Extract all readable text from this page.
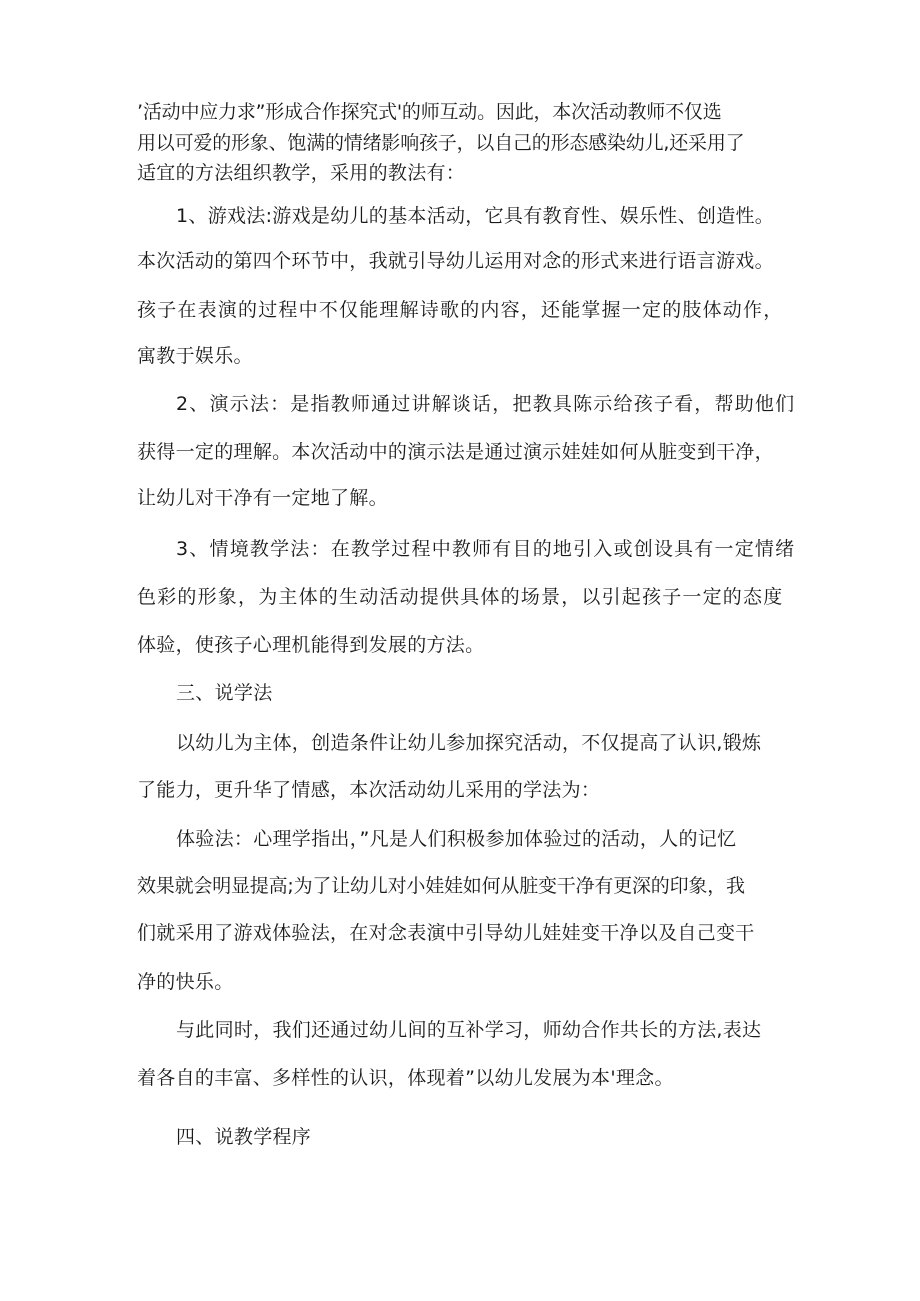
’活动中应力求”形成合作探究式'的师互动。因此，本次活动教师不仅选
用以可爱的形象、饱满的情绪影响孩子，以自己的形态感染幼儿,还采用了
适宜的方法组织教学，采用的教法有：
1、游戏法:游戏是幼儿的基本活动，它具有教育性、娱乐性、创造性。
本次活动的第四个环节中，我就引导幼儿运用对念的形式来进行语言游戏。
孩子在表演的过程中不仅能理解诗歌的内容，还能掌握一定的肢体动作，
寓教于娱乐。
2、演示法：是指教师通过讲解谈话，把教具陈示给孩子看，帮助他们
获得一定的理解。本次活动中的演示法是通过演示娃娃如何从脏变到干净，
让幼儿对干净有一定地了解。
3、情境教学法：在教学过程中教师有目的地引入或创设具有一定情绪
色彩的形象，为主体的生动活动提供具体的场景，以引起孩子一定的态度
体验，使孩子心理机能得到发展的方法。
三、说学法
以幼儿为主体，创造条件让幼儿参加探究活动，不仅提高了认识,锻炼
了能力，更升华了情感，本次活动幼儿采用的学法为：
体验法：心理学指出，”凡是人们积极参加体验过的活动，人的记忆
效果就会明显提高;为了让幼儿对小娃娃如何从脏变干净有更深的印象，我
们就采用了游戏体验法，在对念表演中引导幼儿娃娃变干净以及自己变干
净的快乐。
与此同时，我们还通过幼儿间的互补学习，师幼合作共长的方法,表达
着各自的丰富、多样性的认识，体现着”以幼儿发展为本'理念。
四、说教学程序
